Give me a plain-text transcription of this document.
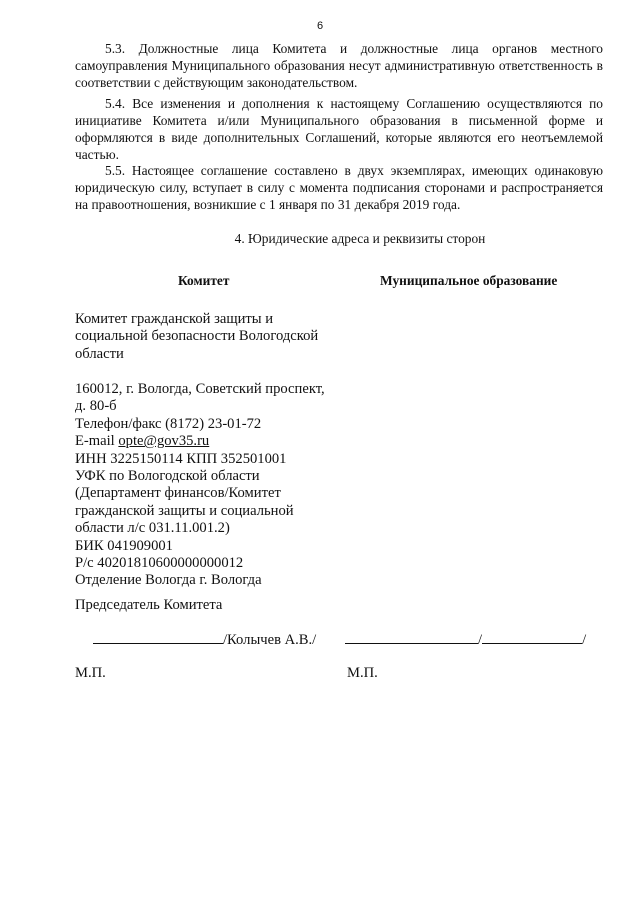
6
5.3. Должностные лица Комитета и должностные лица органов местного самоуправления Муниципального образования несут административную ответственность в соответствии с действующим законодательством.
5.4. Все изменения и дополнения к настоящему Соглашению осуществляются по инициативе Комитета и/или Муниципального образования в письменной форме и оформляются в виде дополнительных Соглашений, которые являются его неотъемлемой частью.
5.5. Настоящее соглашение составлено в двух экземплярах, имеющих одинаковую юридическую силу, вступает в силу с момента подписания сторонами и распространяется на правоотношения, возникшие с 1 января по 31 декабря 2019 года.
4. Юридические адреса и реквизиты сторон
Комитет	Муниципальное образование
Комитет гражданской защиты и
социальной безопасности Вологодской
области
160012, г. Вологда, Советский проспект,
д. 80-б
Телефон/факс (8172) 23-01-72
E-mail opte@gov35.ru
ИНН 3225150114 КПП 352501001
УФК по Вологодской области
(Департамент финансов/Комитет
гражданской защиты и социальной
области л/с 031.11.001.2)
БИК 041909001
Р/с 40201810600000000012
Отделение Вологда г. Вологда
Председатель Комитета
/Колычев А.В./	/	/
М.П.	М.П.
